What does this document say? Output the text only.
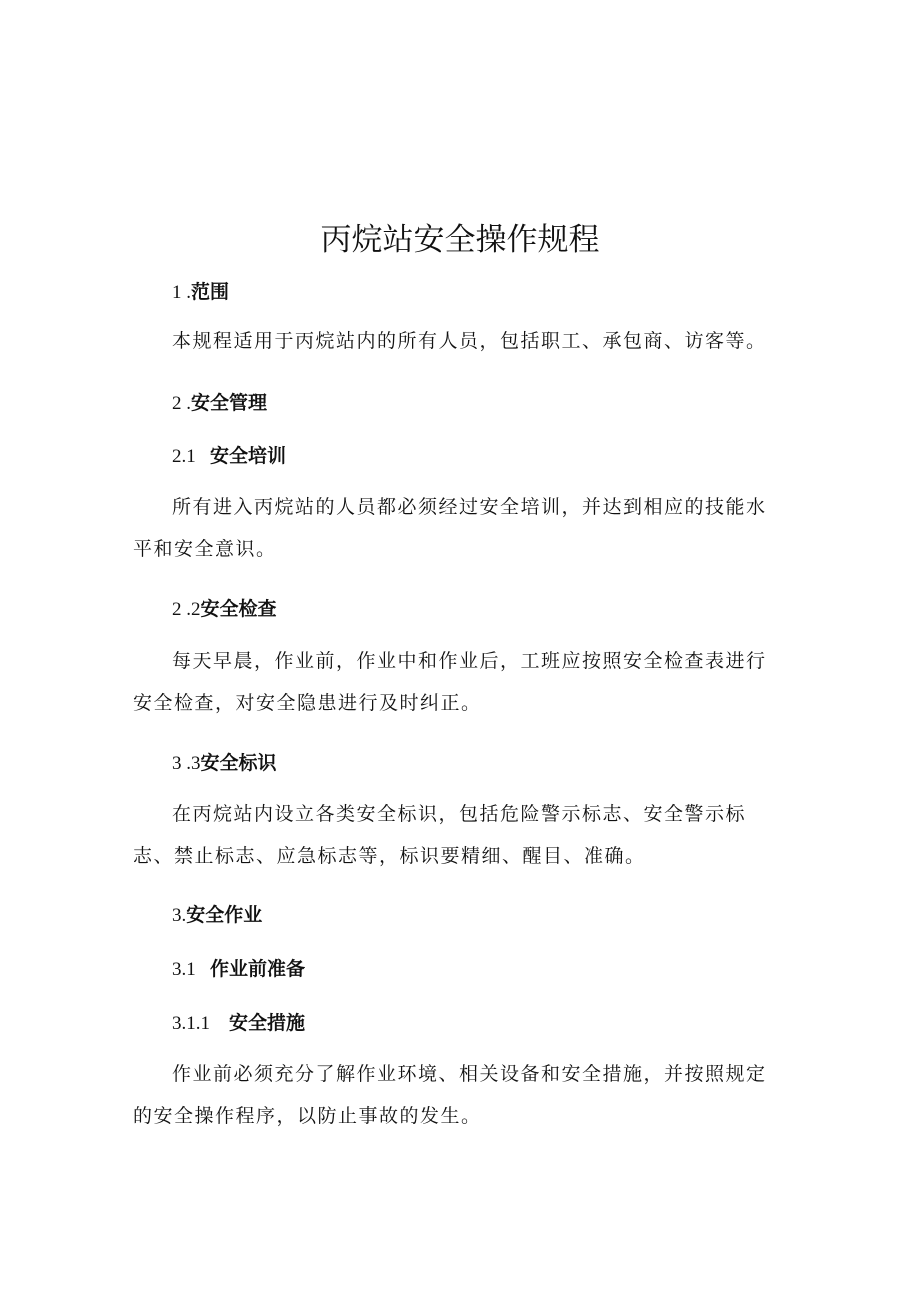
丙烷站安全操作规程
1 .范围

本规程适用于丙烷站内的所有人员，包括职工、承包商、访客等。

2 .安全管理
2.1 安全培训

所有进入丙烷站的人员都必须经过安全培训，并达到相应的技能水平和安全意识。

2 .2安全检查

每天早晨，作业前，作业中和作业后，工班应按照安全检查表进行安全检查，对安全隐患进行及时纠正。

3 .3安全标识

在丙烷站内设立各类安全标识，包括危险警示标志、安全警示标志、禁止标志、应急标志等，标识要精细、醒目、准确。

3.安全作业
3.1 作业前准备
3.1.1 安全措施

作业前必须充分了解作业环境、相关设备和安全措施，并按照规定的安全操作程序，以防止事故的发生。
